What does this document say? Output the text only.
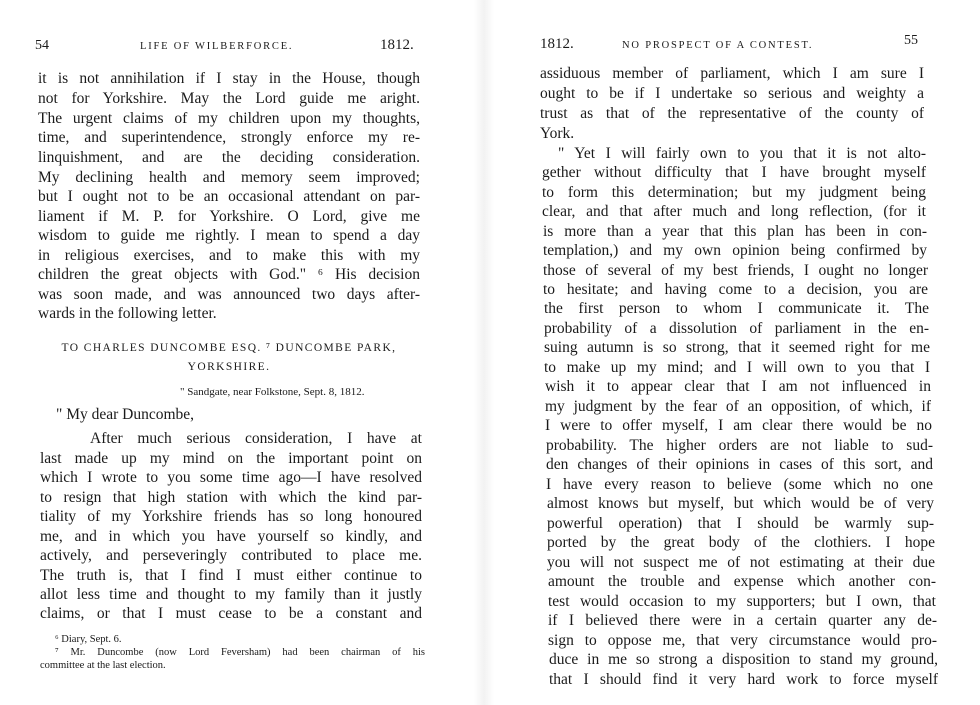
54	LIFE OF WILBERFORCE.	1812.
it is not annihilation if I stay in the House, though
not for Yorkshire. May the Lord guide me aright.
The urgent claims of my children upon my thoughts,
time, and superintendence, strongly enforce my re-
linquishment, and are the deciding consideration.
My declining health and memory seem improved;
but I ought not to be an occasional attendant on par-
liament if M. P. for Yorkshire. O Lord, give me
wisdom to guide me rightly. I mean to spend a day
in religious exercises, and to make this with my
children the great objects with God." ⁶ His decision
was soon made, and was announced two days after-
wards in the following letter.
TO CHARLES DUNCOMBE ESQ. ⁷ DUNCOMBE PARK,
YORKSHIRE.
" Sandgate, near Folkstone, Sept. 8, 1812.
" My dear Duncombe,
After much serious consideration, I have at
last made up my mind on the important point on
which I wrote to you some time ago—I have resolved
to resign that high station with which the kind par-
tiality of my Yorkshire friends has so long honoured
me, and in which you have yourself so kindly, and
actively, and perseveringly contributed to place me.
The truth is, that I find I must either continue to
allot less time and thought to my family than it justly
claims, or that I must cease to be a constant and
⁶ Diary, Sept. 6.
⁷ Mr. Duncombe (now Lord Feversham) had been chairman of his
committee at the last election.
1812.	NO PROSPECT OF A CONTEST.	55
assiduous member of parliament, which I am sure I
ought to be if I undertake so serious and weighty a
trust as that of the representative of the county of
York.
" Yet I will fairly own to you that it is not alto-
gether without difficulty that I have brought myself
to form this determination; but my judgment being
clear, and that after much and long reflection, (for it
is more than a year that this plan has been in con-
templation,) and my own opinion being confirmed by
those of several of my best friends, I ought no longer
to hesitate; and having come to a decision, you are
the first person to whom I communicate it. The
probability of a dissolution of parliament in the en-
suing autumn is so strong, that it seemed right for me
to make up my mind; and I will own to you that I
wish it to appear clear that I am not influenced in
my judgment by the fear of an opposition, of which, if
I were to offer myself, I am clear there would be no
probability. The higher orders are not liable to sud-
den changes of their opinions in cases of this sort, and
I have every reason to believe (some which no one
almost knows but myself, but which would be of very
powerful operation) that I should be warmly sup-
ported by the great body of the clothiers. I hope
you will not suspect me of not estimating at their due
amount the trouble and expense which another con-
test would occasion to my supporters; but I own, that
if I believed there were in a certain quarter any de-
sign to oppose me, that very circumstance would pro-
duce in me so strong a disposition to stand my ground,
that I should find it very hard work to force myself
